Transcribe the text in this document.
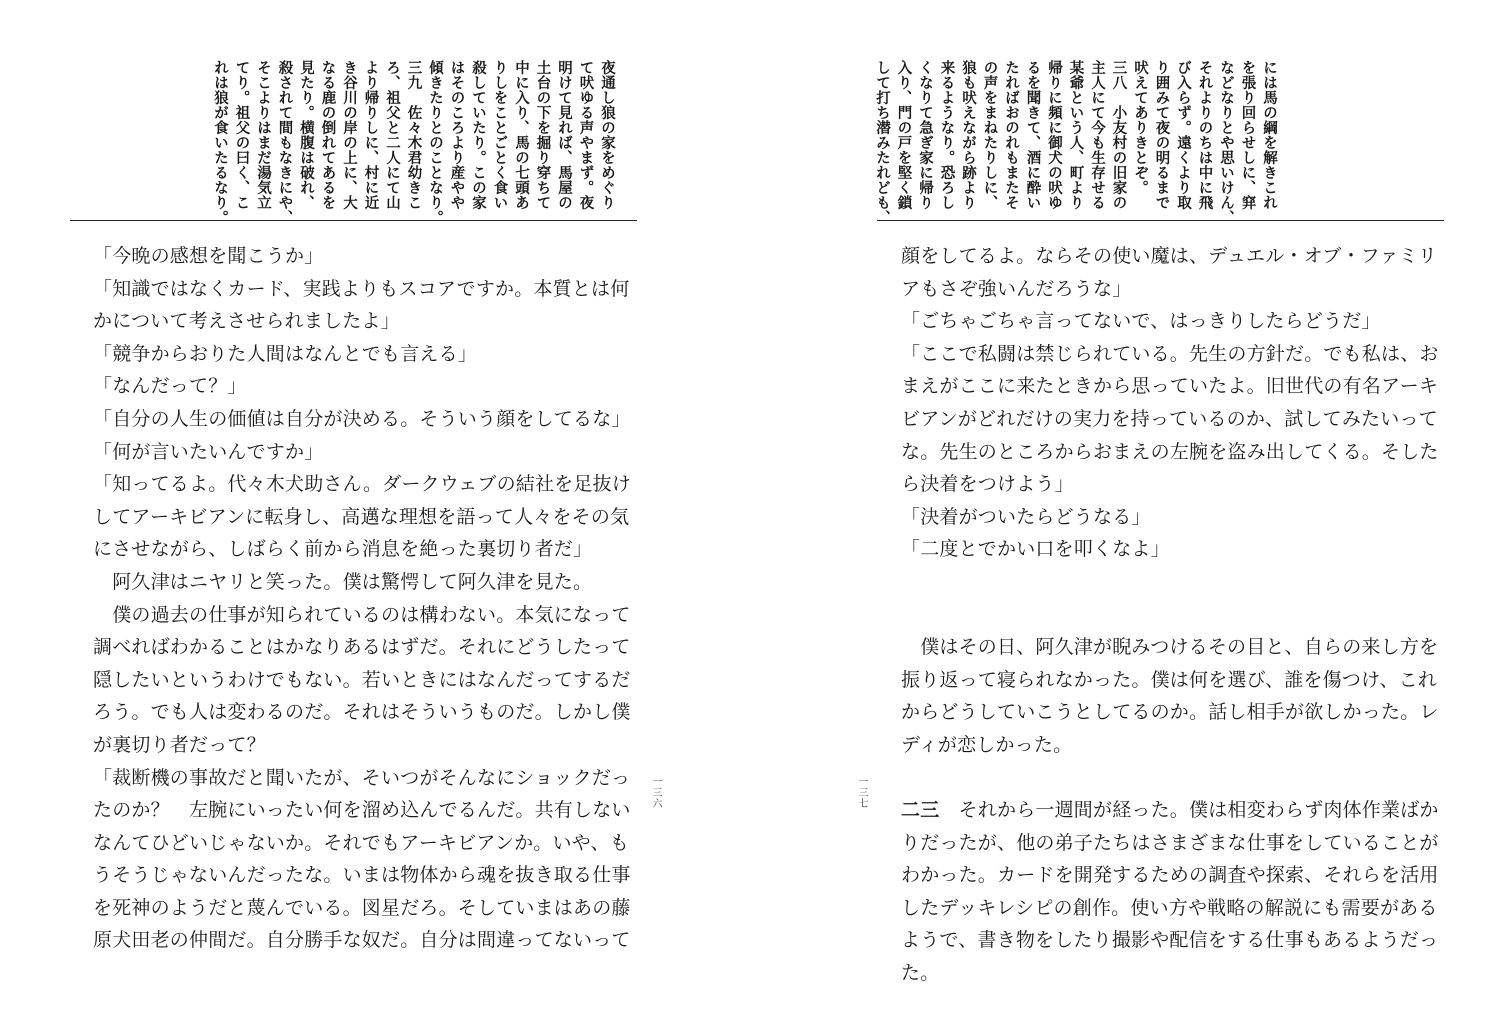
夜通し狼の家をめぐり
て吠ゆる声やまず。夜
明けて見れば、馬屋の
土台の下を掘り穿ちて
中に入り、馬の七頭あ
りしをことごとく食い
殺していたり。この家
はそのころより産やや
傾きたりとのことなり。
三九　佐々木君幼きこ
ろ、祖父と二人にて山
より帰りしに、村に近
き谷川の岸の上に、大
なる鹿の倒れてあるを
見たり。横腹は破れ、
殺されて間もなきにや、
そこよりはまだ湯気立
てり。祖父の曰く、こ
れは狼が食いたるなり。
「今晩の感想を聞こうか」
「知識ではなくカード、実践よりもスコアですか。本質とは何
かについて考えさせられましたよ」
「競争からおりた人間はなんとでも言える」
「なんだって？」
「自分の人生の価値は自分が決める。そういう顔をしてるな」
「何が言いたいんですか」
「知ってるよ。代々木犬助さん。ダークウェブの結社を足抜け
してアーキビアンに転身し、高邁な理想を語って人々をその気
にさせながら、しばらく前から消息を絶った裏切り者だ」
　阿久津はニヤリと笑った。僕は驚愕して阿久津を見た。
　僕の過去の仕事が知られているのは構わない。本気になって
調べればわかることはかなりあるはずだ。それにどうしたって
隠したいというわけでもない。若いときにはなんだってするだ
ろう。でも人は変わるのだ。それはそういうものだ。しかし僕
が裏切り者だって？
「裁断機の事故だと聞いたが、そいつがそんなにショックだっ
たのか？　左腕にいったい何を溜め込んでるんだ。共有しない
なんてひどいじゃないか。それでもアーキビアンか。いや、も
うそうじゃないんだったな。いまは物体から魂を抜き取る仕事
を死神のようだと蔑んでいる。図星だろ。そしていまはあの藤
原犬田老の仲間だ。自分勝手な奴だ。自分は間違ってないって
一三六
には馬の綱を解きこれ
を張り回らせしに、穽
などなりとや思いけん、
それよりのちは中に飛
び入らず。遠くより取
り囲みて夜の明るまで
吠えてありきとぞ。
三八　小友村の旧家の
主人にて今も生存せる
某爺という人、町より
帰りに頻に御犬の吠ゆ
るを聞きて、酒に酔い
たればおのれもまたそ
の声をまねたりしに、
狼も吠えながら跡より
来るようなり。恐ろし
くなりて急ぎ家に帰り
入り、門の戸を堅く鎖
して打ち潜みたれども、
顔をしてるよ。ならその使い魔は、デュエル・オブ・ファミリ
アもさぞ強いんだろうな」
「ごちゃごちゃ言ってないで、はっきりしたらどうだ」
「ここで私闘は禁じられている。先生の方針だ。でも私は、お
まえがここに来たときから思っていたよ。旧世代の有名アーキ
ビアンがどれだけの実力を持っているのか、試してみたいって
な。先生のところからおまえの左腕を盗み出してくる。そした
ら決着をつけよう」
「決着がついたらどうなる」
「二度とでかい口を叩くなよ」
　僕はその日、阿久津が睨みつけるその目と、自らの来し方を
振り返って寝られなかった。僕は何を選び、誰を傷つけ、これ
からどうしていこうとしてるのか。話し相手が欲しかった。レ
ディが恋しかった。
二三　それから一週間が経った。僕は相変わらず肉体作業ばか
りだったが、他の弟子たちはさまざまな仕事をしていることが
わかった。カードを開発するための調査や探索、それらを活用
したデッキレシピの創作。使い方や戦略の解説にも需要がある
ようで、書き物をしたり撮影や配信をする仕事もあるようだっ
た。
一三七
